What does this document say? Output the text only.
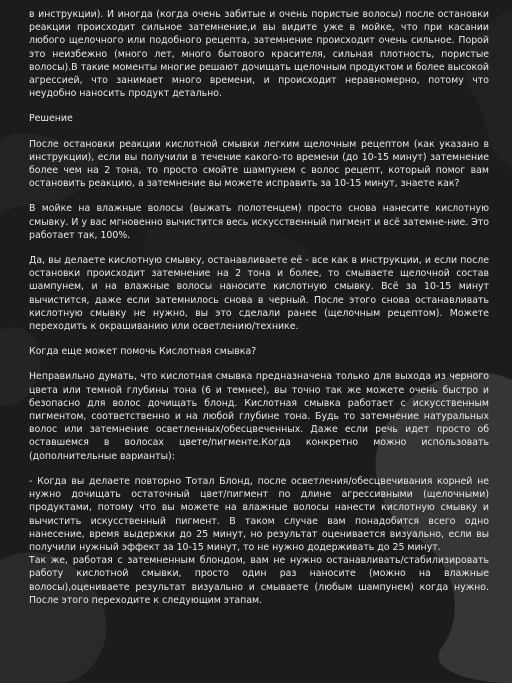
в инструкции). И иногда (когда очень забитые и очень пористые волосы) после остановки реакции происходит сильное затемнение,и вы видите уже в мойке, что при касании любого щелочного или подобного рецепта, затемнение происходит очень сильное. Порой это неизбежно (много лет, много бытового красителя, сильная плотность, пористые волосы).В такие моменты многие решают дочищать щелочным продуктом и более высокой агрессией, что занимает много времени, и происходит неравномерно, потому что неудобно наносить продукт детально.

Решение

После остановки реакции кислотной смывки легким щелочным рецептом (как указано в инструкции), если вы получили в течение какого-то времени (до 10-15 минут) затемнение более чем на 2 тона, то просто смойте шампунем с волос рецепт, который помог вам остановить реакцию, а затемнение вы можете исправить за 10-15 минут, знаете как?

В мойке на влажные волосы (выжать полотенцем) просто снова нанесите кислотную смывку. И у вас мгновенно вычистится весь искусственный пигмент и всё затемне-ние. Это работает так, 100%.

Да, вы делаете кислотную смывку, останавливаете её - все как в инструкции, и если после остановки происходит затемнение на 2 тона и более, то смываете щелочной состав шампунем, и на влажные волосы наносите кислотную смывку. Всё за 10-15 минут вычистится, даже если затемнилось снова в черный. После этого снова останавливать кислотную смывку не нужно, вы это сделали ранее (щелочным рецептом). Можете переходить к окрашиванию или осветлению/технике.

Когда еще может помочь Кислотная смывка?

Неправильно думать, что кислотная смывка предназначена только для выхода из черного цвета или темной глубины тона (6 и темнее), вы точно так же можете очень быстро и безопасно для волос дочищать блонд. Кислотная смывка работает с искусственным пигментом, соответственно и на любой глубине тона. Будь то затемнение натуральных волос или затемнение осветленных/обесцвеченных. Даже если речь идет просто об оставшемся в волосах цвете/пигменте.Когда конкретно можно использовать (дополнительные варианты):

- Когда вы делаете повторно Тотал Блонд, после осветления/обесцвечивания корней не нужно дочищать остаточный цвет/пигмент по длине агрессивными (щелочными) продуктами, потому что вы можете на влажные волосы нанести кислотную смывку и вычистить искусственный пигмент. В таком случае вам понадобится всего одно нанесение, время выдержки до 25 минут, но результат оценивается визуально, если вы получили нужный эффект за 10-15 минут, то не нужно додерживать до 25 минут.

Так же, работая с затемненным блондом, вам не нужно останавливать/стабилизировать работу кислотной смывки, просто один раз наносите (можно на влажные волосы),оцениваете результат визуально и смываете (любым шампунем) когда нужно. После этого переходите к следующим этапам.
